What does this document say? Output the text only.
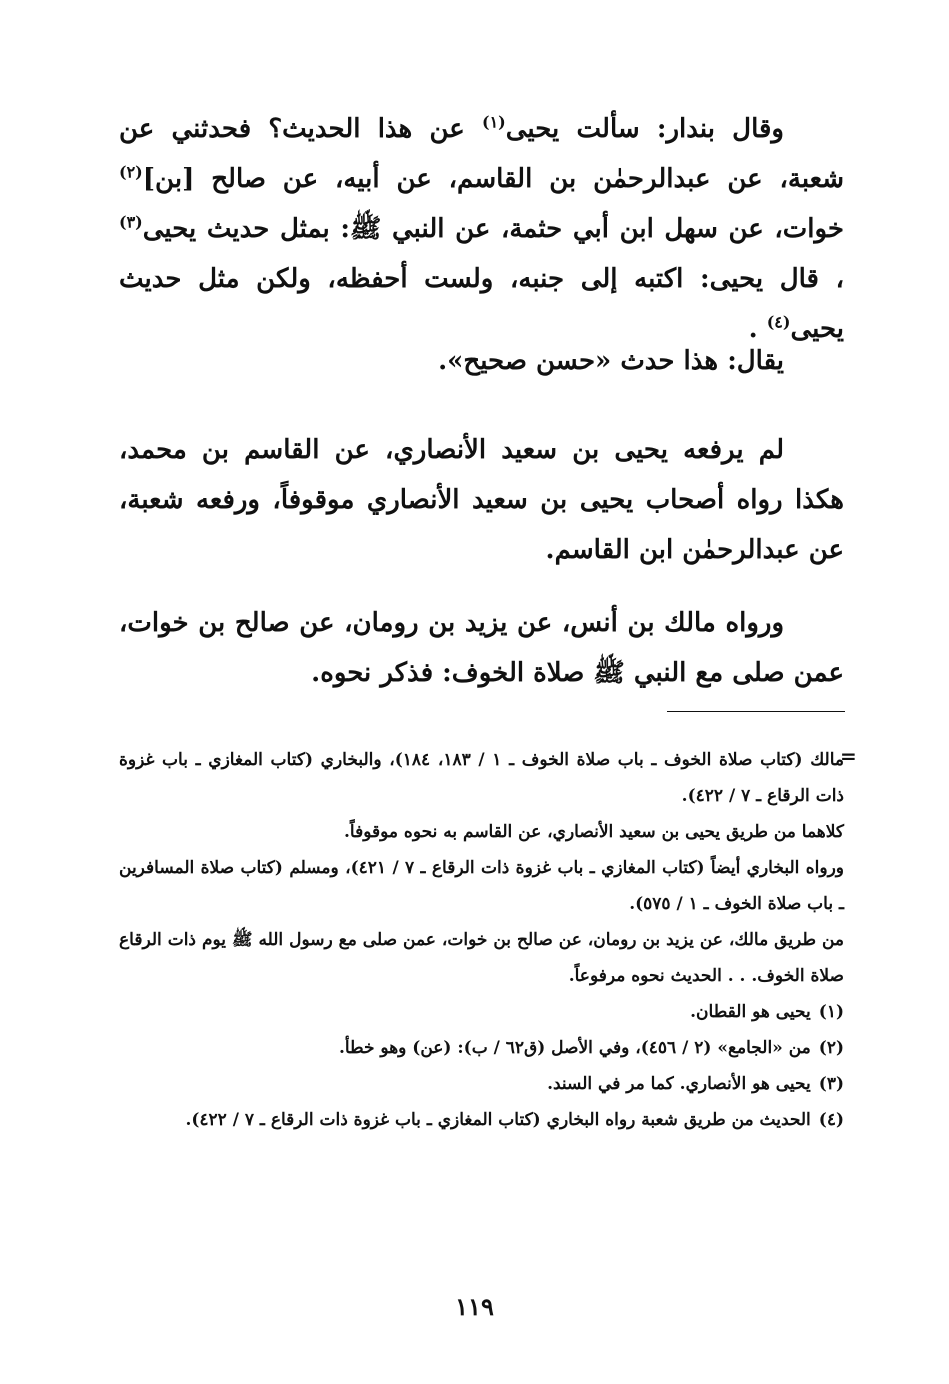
وقال بندار: سألت يحيى$^{(١)}$ عن هذا الحديث؟ فحدثني عن شعبة، عن عبدالرحمٰن بن القاسم، عن أبيه، عن صالح [بن]$^{(٢)}$ خوات، عن سهل ابن أبي حثمة، عن النبي ﷺ: بمثل حديث يحيى$^{(٣)}$ ، قال يحيى: اكتبه إلى جنبه، ولست أحفظه، ولكن مثل حديث يحيى$^{(٤)}$ .

يقال: هذا حدث «حسن صحيح».

لم يرفعه يحيى بن سعيد الأنصاري، عن القاسم بن محمد، هكذا رواه أصحاب يحيى بن سعيد الأنصاري موقوفاً، ورفعه شعبة، عن عبدالرحمٰن ابن القاسم.

ورواه مالك بن أنس، عن يزيد بن رومان، عن صالح بن خوات، عمن صلى مع النبي ﷺ صلاة الخوف: فذكر نحوه.

=

مالك (كتاب صلاة الخوف ـ باب صلاة الخوف ـ ١ / ١٨٣، ١٨٤)، والبخاري (كتاب المغازي ـ باب غزوة ذات الرقاع ـ ٧ / ٤٢٢).

كلاهما من طريق يحيى بن سعيد الأنصاري، عن القاسم به نحوه موقوفاً.

ورواه البخاري أيضاً (كتاب المغازي ـ باب غزوة ذات الرقاع ـ ٧ / ٤٢١)، ومسلم (كتاب صلاة المسافرين ـ باب صلاة الخوف ـ ١ / ٥٧٥).

من طريق مالك، عن يزيد بن رومان، عن صالح بن خوات، عمن صلى مع رسول الله ﷺ يوم ذات الرقاع صلاة الخوف. . . الحديث نحوه مرفوعاً.

(١)يحيى هو القطان.

(٢)من «الجامع» (٢ / ٤٥٦)، وفي الأصل (ق٦٢ / ب): (عن) وهو خطأ.

(٣)يحيى هو الأنصاري. كما مر في السند.

(٤)الحديث من طريق شعبة رواه البخاري (كتاب المغازي ـ باب غزوة ذات الرقاع ـ ٧ / ٤٢٢).

١١٩
